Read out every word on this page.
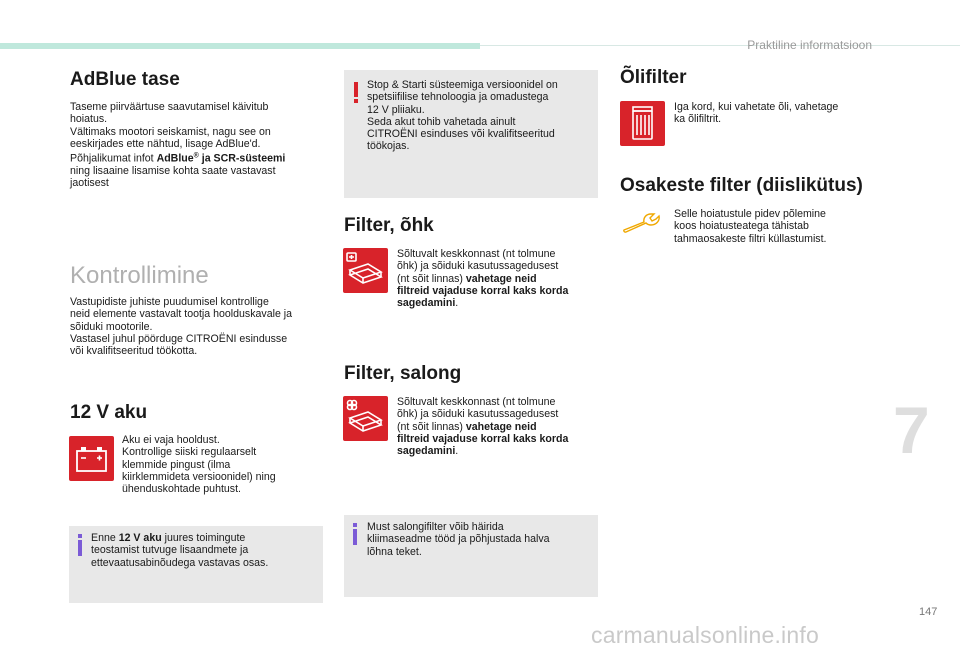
Praktiline informatsioon
AdBlue tase
Taseme piirväärtuse saavutamisel käivitub
hoiatus.
Vältimaks mootori seiskamist, nagu see on
eeskirjades ette nähtud, lisage AdBlue'd.
Põhjalikumat infot AdBlue® ja SCR-süsteemi
ning lisaaine lisamise kohta saate vastavast
jaotisest
Kontrollimine
Vastupidiste juhiste puudumisel kontrollige
neid elemente vastavalt tootja hoolduskavale ja
sõiduki mootorile.
Vastasel juhul pöörduge CITROËNI esindusse
või kvalifitseeritud töökotta.
12 V aku
Aku ei vaja hooldust.
Kontrollige siiski regulaarselt
klemmide pingust (ilma
kiirklemmideta versioonidel) ning
ühenduskohtade puhtust.
Enne 12 V aku juures toimingute
teostamist tutvuge lisaandmete ja
ettevaatusabinõudega vastavas osas.
Stop & Starti süsteemiga versioonidel on
spetsiifilise tehnoloogia ja omadustega
12 V pliiaku.
Seda akut tohib vahetada ainult
CITROËNI esinduses või kvalifitseeritud
töökojas.
Filter, õhk
Sõltuvalt keskkonnast (nt tolmune
õhk) ja sõiduki kasutussagedusest
(nt sõit linnas) vahetage neid
filtreid vajaduse korral kaks korda
sagedamini.
Filter, salong
Sõltuvalt keskkonnast (nt tolmune
õhk) ja sõiduki kasutussagedusest
(nt sõit linnas) vahetage neid
filtreid vajaduse korral kaks korda
sagedamini.
Must salongifilter võib häirida
kliimaseadme tööd ja põhjustada halva
lõhna teket.
Õlifilter
Iga kord, kui vahetate õli, vahetage
ka õlifiltrit.
Osakeste filter (diislikütus)
Selle hoiatustule pidev põlemine
koos hoiatusteatega tähistab
tahmaosakeste filtri küllastumist.
7
147
carmanualsonline.info
